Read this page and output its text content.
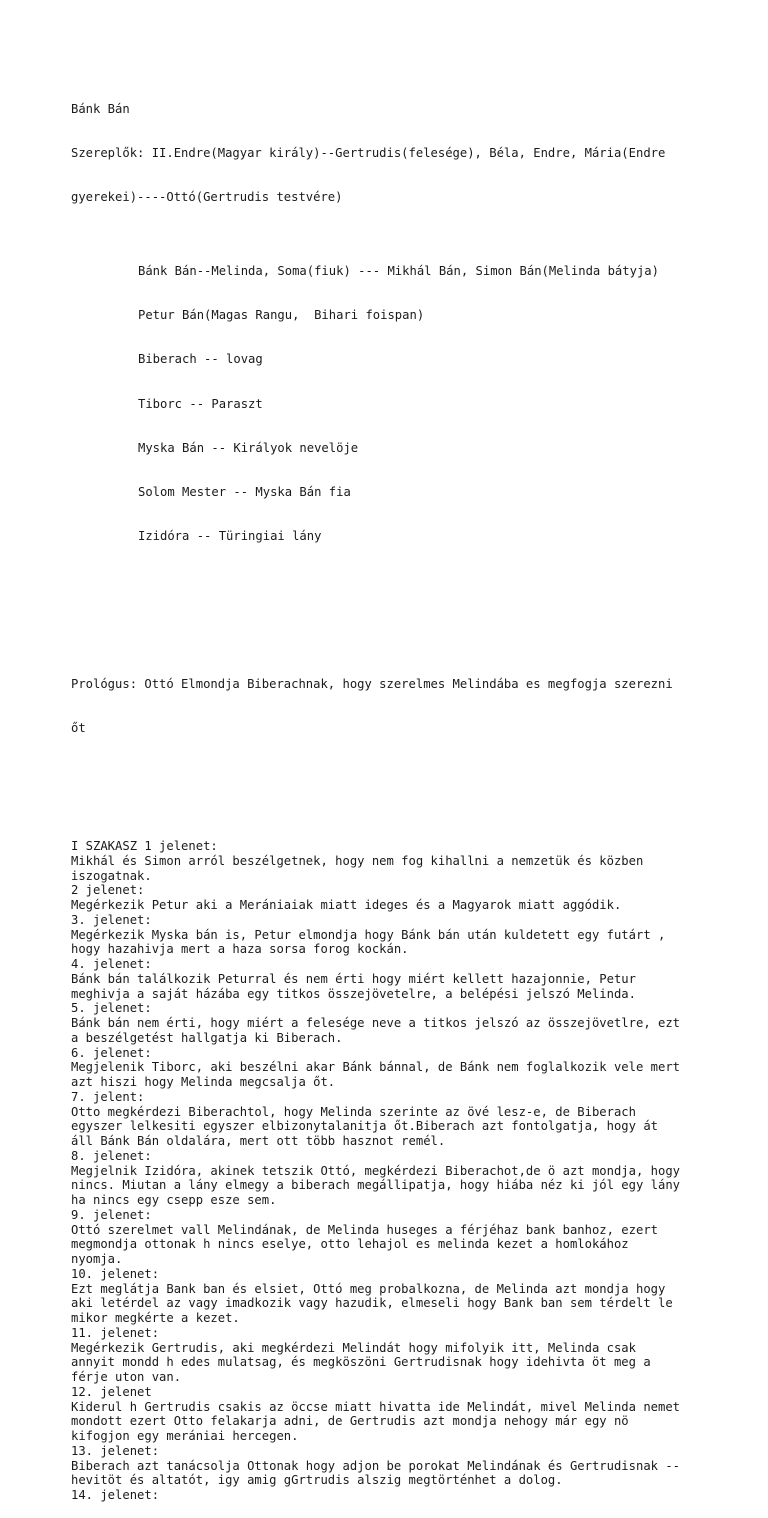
Bánk Bán

Szereplők: II.Endre(Magyar király)--Gertrudis(felesége), Béla, Endre, Mária(Endre

gyerekei)----Ottó(Gertrudis testvére)

Bánk Bán--Melinda, Soma(fiuk) --- Mikhál Bán, Simon Bán(Melinda bátyja)

Petur Bán(Magas Rangu,  Bihari foispan)

Biberach -- lovag

Tiborc -- Paraszt

Myska Bán -- Királyok nevelöje

Solom Mester -- Myska Bán fia

Izidóra -- Türingiai lány

Prológus: Ottó Elmondja Biberachnak, hogy szerelmes Melindába es megfogja szerezni

őt

I SZAKASZ 1 jelenet:
Mikhál és Simon arról beszélgetnek, hogy nem fog kihallni a nemzetük és közben
iszogatnak.
2 jelenet:
Megérkezik Petur aki a Merániaiak miatt ideges és a Magyarok miatt aggódik.
3. jelenet:
Megérkezik Myska bán is, Petur elmondja hogy Bánk bán után kuldetett egy futárt ,
hogy hazahivja mert a haza sorsa forog kockán.
4. jelenet:
Bánk bán találkozik Peturral és nem érti hogy miért kellett hazajonnie, Petur
meghivja a saját házába egy titkos összejövetelre, a belépési jelszó Melinda.
5. jelenet:
Bánk bán nem érti, hogy miért a felesége neve a titkos jelszó az összejövetlre, ezt
a beszélgetést hallgatja ki Biberach.
6. jelenet:
Megjelenik Tiborc, aki beszélni akar Bánk bánnal, de Bánk nem foglalkozik vele mert
azt hiszi hogy Melinda megcsalja őt.
7. jelent:
Otto megkérdezi Biberachtol, hogy Melinda szerinte az övé lesz-e, de Biberach
egyszer lelkesiti egyszer elbizonytalanitja őt.Biberach azt fontolgatja, hogy át
áll Bánk Bán oldalára, mert ott több hasznot remél.
8. jelenet:
Megjelnik Izidóra, akinek tetszik Ottó, megkérdezi Biberachot,de ö azt mondja, hogy
nincs. Miutan a lány elmegy a biberach megállipatja, hogy hiába néz ki jól egy lány
ha nincs egy csepp esze sem.
9. jelenet:
Ottó szerelmet vall Melindának, de Melinda huseges a férjéhaz bank banhoz, ezert
megmondja ottonak h nincs eselye, otto lehajol es melinda kezet a homlokához
nyomja.
10. jelenet:
Ezt meglátja Bank ban és elsiet, Ottó meg probalkozna, de Melinda azt mondja hogy
aki letérdel az vagy imadkozik vagy hazudik, elmeseli hogy Bank ban sem térdelt le
mikor megkérte a kezet.
11. jelenet:
Megérkezik Gertrudis, aki megkérdezi Melindát hogy mifolyik itt, Melinda csak
annyit mondd h edes mulatsag, és megköszöni Gertrudisnak hogy idehivta öt meg a
férje uton van.
12. jelenet
Kiderul h Gertrudis csakis az öccse miatt hivatta ide Melindát, mivel Melinda nemet
mondott ezert Otto felakarja adni, de Gertrudis azt mondja nehogy már egy nö
kifogjon egy merániai hercegen.
13. jelenet:
Biberach azt tanácsolja Ottonak hogy adjon be porokat Melindának és Gertrudisnak --
hevitöt és altatót, igy amig gGrtrudis alszig megtörténhet a dolog.
14. jelenet:
